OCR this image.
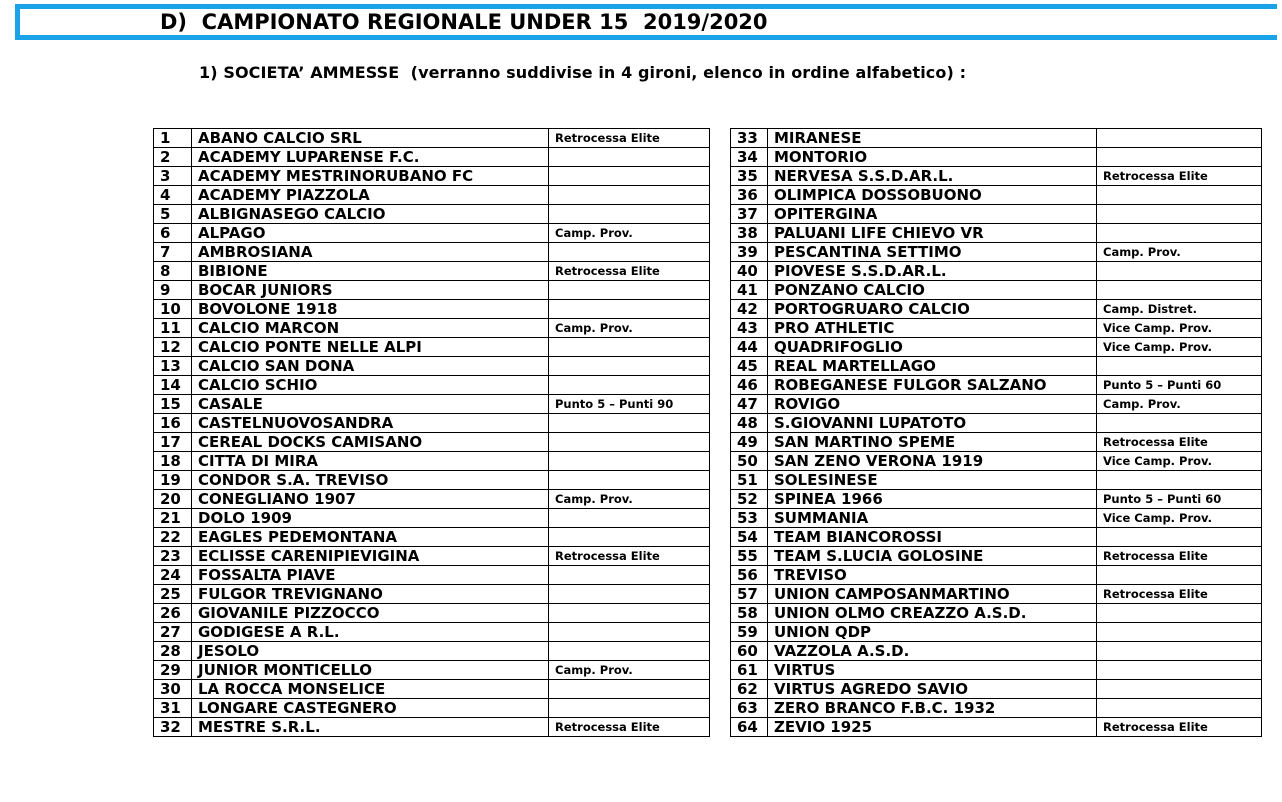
D)  CAMPIONATO REGIONALE UNDER 15  2019/2020
1) SOCIETA’ AMMESSE  (verranno suddivise in 4 gironi, elenco in ordine alfabetico) :
1	ABANO CALCIO SRL	Retrocessa Elite
2	ACADEMY LUPARENSE F.C.	
3	ACADEMY MESTRINORUBANO FC	
4	ACADEMY PIAZZOLA	
5	ALBIGNASEGO CALCIO	
6	ALPAGO	Camp. Prov.
7	AMBROSIANA	
8	BIBIONE	Retrocessa Elite
9	BOCAR JUNIORS	
10	BOVOLONE 1918	
11	CALCIO MARCON	Camp. Prov.
12	CALCIO PONTE NELLE ALPI	
13	CALCIO SAN DONA	
14	CALCIO SCHIO	
15	CASALE	Punto 5 – Punti 90
16	CASTELNUOVOSANDRA	
17	CEREAL DOCKS CAMISANO	
18	CITTA DI MIRA	
19	CONDOR S.A. TREVISO	
20	CONEGLIANO 1907	Camp. Prov.
21	DOLO 1909	
22	EAGLES PEDEMONTANA	
23	ECLISSE CARENIPIEVIGINA	Retrocessa Elite
24	FOSSALTA PIAVE	
25	FULGOR TREVIGNANO	
26	GIOVANILE PIZZOCCO	
27	GODIGESE A R.L.	
28	JESOLO	
29	JUNIOR MONTICELLO	Camp. Prov.
30	LA ROCCA MONSELICE	
31	LONGARE CASTEGNERO	
32	MESTRE S.R.L.	Retrocessa Elite
33	MIRANESE	
34	MONTORIO	
35	NERVESA S.S.D.AR.L.	Retrocessa Elite
36	OLIMPICA DOSSOBUONO	
37	OPITERGINA	
38	PALUANI LIFE CHIEVO VR	
39	PESCANTINA SETTIMO	Camp. Prov.
40	PIOVESE S.S.D.AR.L.	
41	PONZANO CALCIO	
42	PORTOGRUARO CALCIO	Camp. Distret.
43	PRO ATHLETIC	Vice Camp. Prov.
44	QUADRIFOGLIO	Vice Camp. Prov.
45	REAL MARTELLAGO	
46	ROBEGANESE FULGOR SALZANO	Punto 5 – Punti 60
47	ROVIGO	Camp. Prov.
48	S.GIOVANNI LUPATOTO	
49	SAN MARTINO SPEME	Retrocessa Elite
50	SAN ZENO VERONA 1919	Vice Camp. Prov.
51	SOLESINESE	
52	SPINEA 1966	Punto 5 – Punti 60
53	SUMMANIA	Vice Camp. Prov.
54	TEAM BIANCOROSSI	
55	TEAM S.LUCIA GOLOSINE	Retrocessa Elite
56	TREVISO	
57	UNION CAMPOSANMARTINO	Retrocessa Elite
58	UNION OLMO CREAZZO A.S.D.	
59	UNION QDP	
60	VAZZOLA A.S.D.	
61	VIRTUS	
62	VIRTUS AGREDO SAVIO	
63	ZERO BRANCO F.B.C. 1932	
64	ZEVIO 1925	Retrocessa Elite
